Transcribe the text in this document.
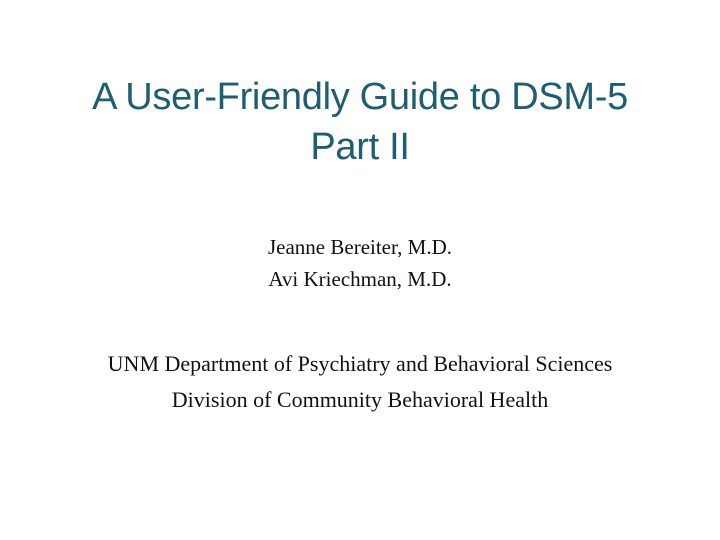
A User-Friendly Guide to DSM-5
Part II
Jeanne Bereiter, M.D.
Avi Kriechman, M.D.
UNM Department of Psychiatry and Behavioral Sciences
Division of Community Behavioral Health
